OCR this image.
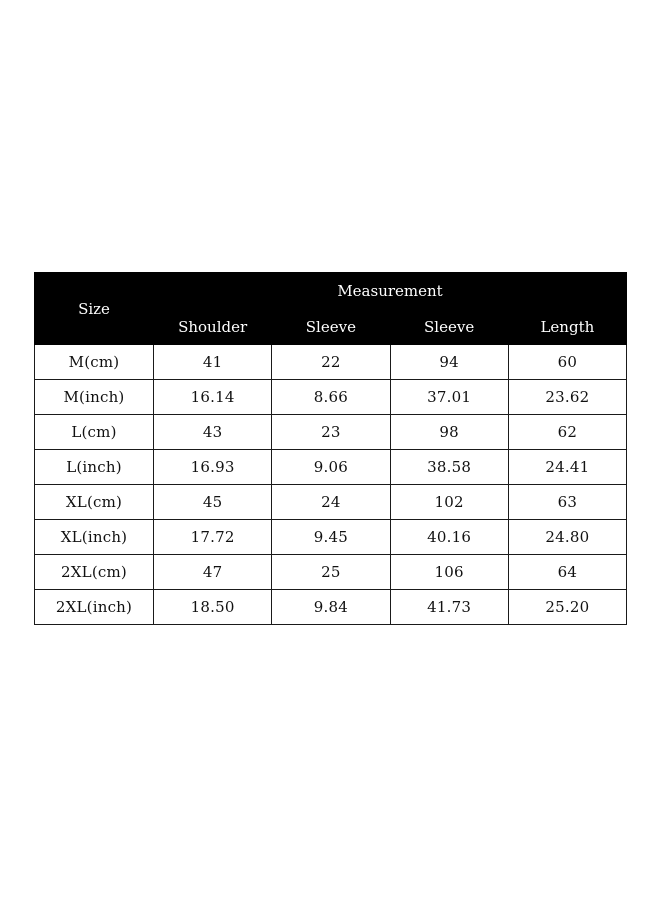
Size	Measurement			
	Shoulder	Sleeve	Sleeve	Length
M(cm)	41	22	94	60
M(inch)	16.14	8.66	37.01	23.62
L(cm)	43	23	98	62
L(inch)	16.93	9.06	38.58	24.41
XL(cm)	45	24	102	63
XL(inch)	17.72	9.45	40.16	24.80
2XL(cm)	47	25	106	64
2XL(inch)	18.50	9.84	41.73	25.20
